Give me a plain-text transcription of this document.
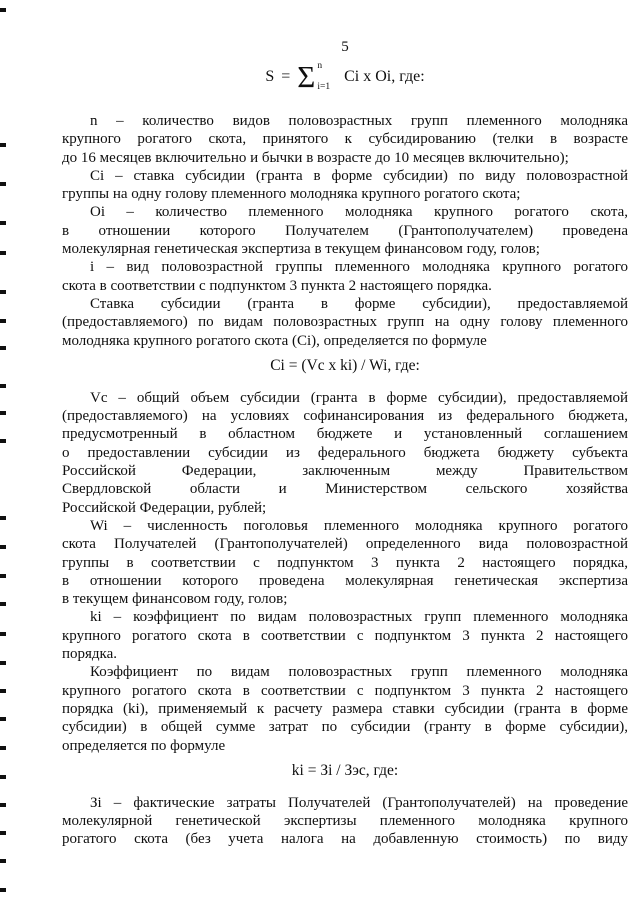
5
S = Σ n
i=1
Ci x Oi, где:
n – количество видов половозрастных групп племенного молодняка
крупного рогатого скота, принятого к субсидированию (телки в возрасте
до 16 месяцев включительно и бычки в возрасте до 10 месяцев включительно);
Ci – ставка субсидии (гранта в форме субсидии) по виду половозрастной
группы на одну голову племенного молодняка крупного рогатого скота;
Oi – количество племенного молодняка крупного рогатого скота,
в отношении которого Получателем (Грантополучателем) проведена
молекулярная генетическая экспертиза в текущем финансовом году, голов;
i – вид половозрастной группы племенного молодняка крупного рогатого
скота в соответствии с подпунктом 3 пункта 2 настоящего порядка.
Ставка субсидии (гранта в форме субсидии), предоставляемой
(предоставляемого) по видам половозрастных групп на одну голову племенного
молодняка крупного рогатого скота (Ci), определяется по формуле
Ci = (Vc x ki) / Wi, где:
Vc – общий объем субсидии (гранта в форме субсидии), предоставляемой
(предоставляемого) на условиях софинансирования из федерального бюджета,
предусмотренный в областном бюджете и установленный соглашением
о предоставлении субсидии из федерального бюджета бюджету субъекта
Российской Федерации, заключенным между Правительством
Свердловской области и Министерством сельского хозяйства
Российской Федерации, рублей;
Wi – численность поголовья племенного молодняка крупного рогатого
скота Получателей (Грантополучателей) определенного вида половозрастной
группы в соответствии с подпунктом 3 пункта 2 настоящего порядка,
в отношении которого проведена молекулярная генетическая экспертиза
в текущем финансовом году, голов;
ki – коэффициент по видам половозрастных групп племенного молодняка
крупного рогатого скота в соответствии с подпунктом 3 пункта 2 настоящего
порядка.
Коэффициент по видам половозрастных групп племенного молодняка
крупного рогатого скота в соответствии с подпунктом 3 пункта 2 настоящего
порядка (ki), применяемый к расчету размера ставки субсидии (гранта в форме
субсидии) в общей сумме затрат по субсидии (гранту в форме субсидии),
определяется по формуле
ki = Зi / Зэс, где:
Зi – фактические затраты Получателей (Грантополучателей) на проведение
молекулярной генетической экспертизы племенного молодняка крупного
рогатого скота (без учета налога на добавленную стоимость) по виду
